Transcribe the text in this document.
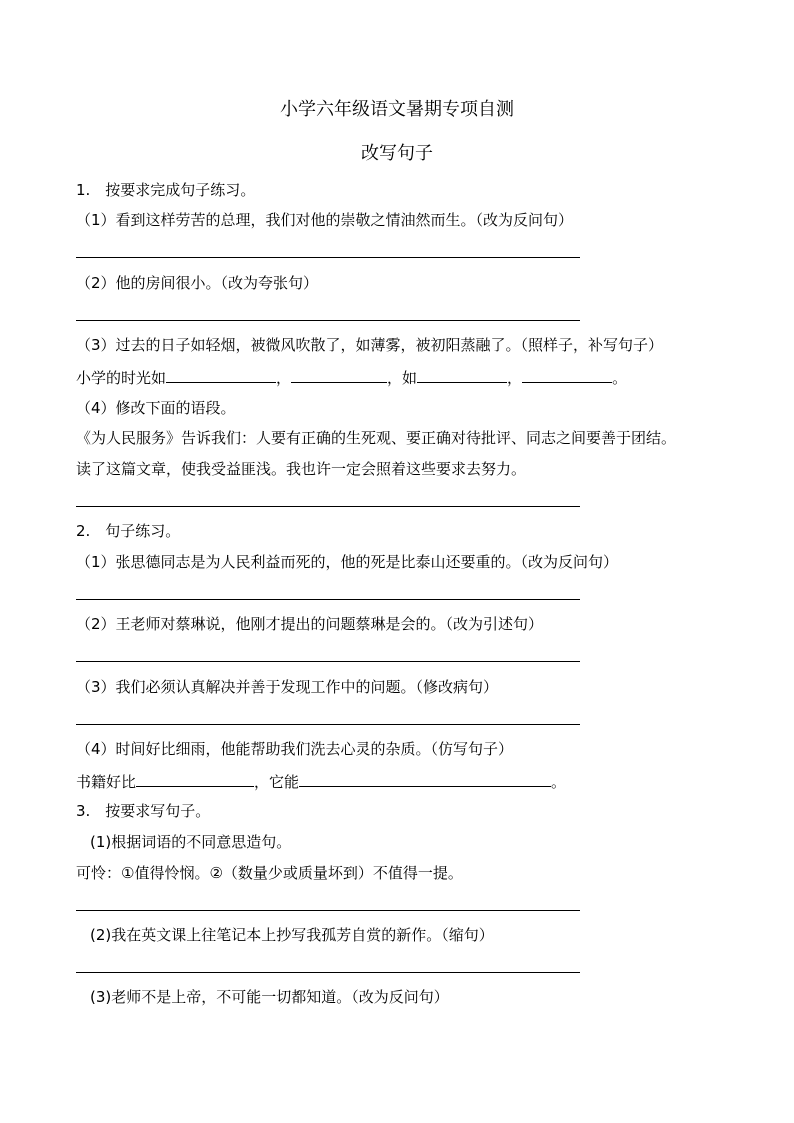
小学六年级语文暑期专项自测
改写句子
1.　按要求完成句子练习。
（1）看到这样劳苦的总理，我们对他的崇敬之情油然而生。（改为反问句）
（2）他的房间很小。（改为夸张句）
（3）过去的日子如轻烟，被微风吹散了，如薄雾，被初阳蒸融了。（照样子，补写句子）
小学的时光如	，	，如	，	。
（4）修改下面的语段。
《为人民服务》告诉我们：人要有正确的生死观、要正确对待批评、同志之间要善于团结。
读了这篇文章，使我受益匪浅。我也许一定会照着这些要求去努力。
2.　句子练习。
（1）张思德同志是为人民利益而死的，他的死是比泰山还要重的。（改为反问句）
（2）王老师对蔡琳说，他刚才提出的问题蔡琳是会的。（改为引述句）
（3）我们必须认真解决并善于发现工作中的问题。（修改病句）
（4）时间好比细雨，他能帮助我们洗去心灵的杂质。（仿写句子）
书籍好比	，它能	。
3.　按要求写句子。
(1)根据词语的不同意思造句。
可怜：①值得怜悯。②（数量少或质量坏到）不值得一提。
(2)我在英文课上往笔记本上抄写我孤芳自赏的新作。（缩句）
(3)老师不是上帝，不可能一切都知道。（改为反问句）
